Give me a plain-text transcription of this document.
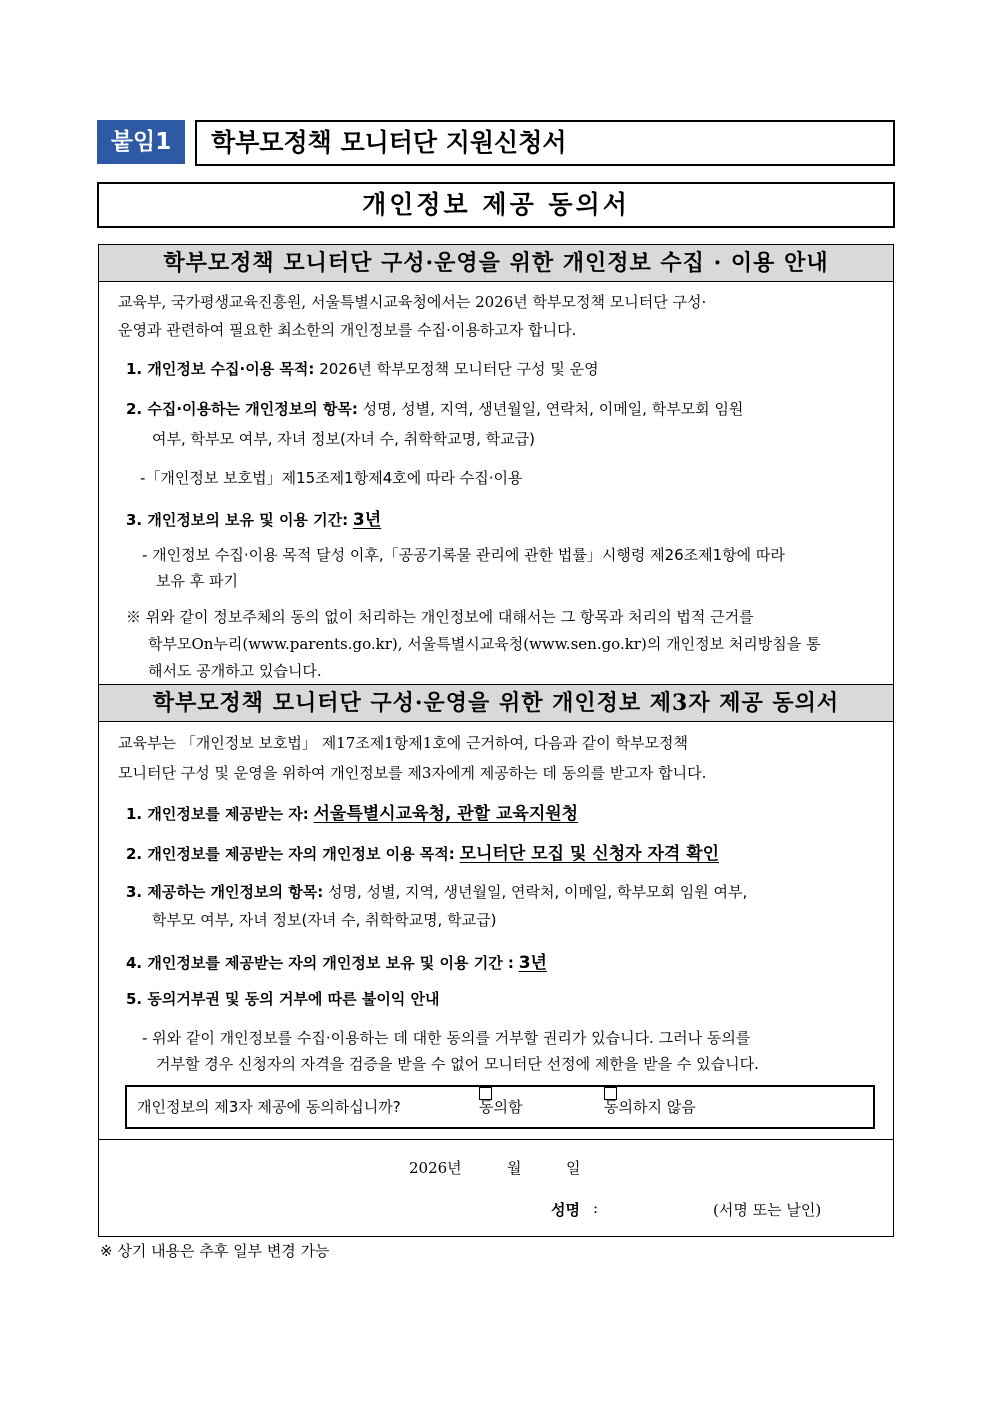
붙임1	학부모정책 모니터단 지원신청서
개인정보 제공 동의서
학부모정책 모니터단 구성·운영을 위한 개인정보 수집 · 이용 안내
교육부, 국가평생교육진흥원, 서울특별시교육청에서는 2026년 학부모정책 모니터단 구성·
운영과 관련하여 필요한 최소한의 개인정보를 수집·이용하고자 합니다.
1. 개인정보 수집·이용 목적: 2026년 학부모정책 모니터단 구성 및 운영
2. 수집·이용하는 개인정보의 항목: 성명, 성별, 지역, 생년월일, 연락처, 이메일, 학부모회 임원
여부, 학부모 여부, 자녀 정보(자녀 수, 취학학교명, 학교급)
-「개인정보 보호법」제15조제1항제4호에 따라 수집·이용
3. 개인정보의 보유 및 이용 기간: 3년
- 개인정보 수집·이용 목적 달성 이후,「공공기록물 관리에 관한 법률」시행령 제26조제1항에 따라
보유 후 파기
※ 위와 같이 정보주체의 동의 없이 처리하는 개인정보에 대해서는 그 항목과 처리의 법적 근거를
학부모On누리(www.parents.go.kr), 서울특별시교육청(www.sen.go.kr)의 개인정보 처리방침을 통
해서도 공개하고 있습니다.
학부모정책 모니터단 구성·운영을 위한 개인정보 제3자 제공 동의서
교육부는 「개인정보 보호법」 제17조제1항제1호에 근거하여, 다음과 같이 학부모정책
모니터단 구성 및 운영을 위하여 개인정보를 제3자에게 제공하는 데 동의를 받고자 합니다.
1. 개인정보를 제공받는 자: 서울특별시교육청, 관할 교육지원청
2. 개인정보를 제공받는 자의 개인정보 이용 목적: 모니터단 모집 및 신청자 자격 확인
3. 제공하는 개인정보의 항목: 성명, 성별, 지역, 생년월일, 연락처, 이메일, 학부모회 임원 여부,
학부모 여부, 자녀 정보(자녀 수, 취학학교명, 학교급)
4. 개인정보를 제공받는 자의 개인정보 보유 및 이용 기간 : 3년
5. 동의거부권 및 동의 거부에 따른 불이익 안내
- 위와 같이 개인정보를 수집·이용하는 데 대한 동의를 거부할 권리가 있습니다. 그러나 동의를
거부할 경우 신청자의 자격을 검증을 받을 수 없어 모니터단 선정에 제한을 받을 수 있습니다.
개인정보의 제3자 제공에 동의하십니까?	동의함	동의하지 않음
2026년	월	일
성명 :	(서명 또는 날인)
※ 상기 내용은 추후 일부 변경 가능
